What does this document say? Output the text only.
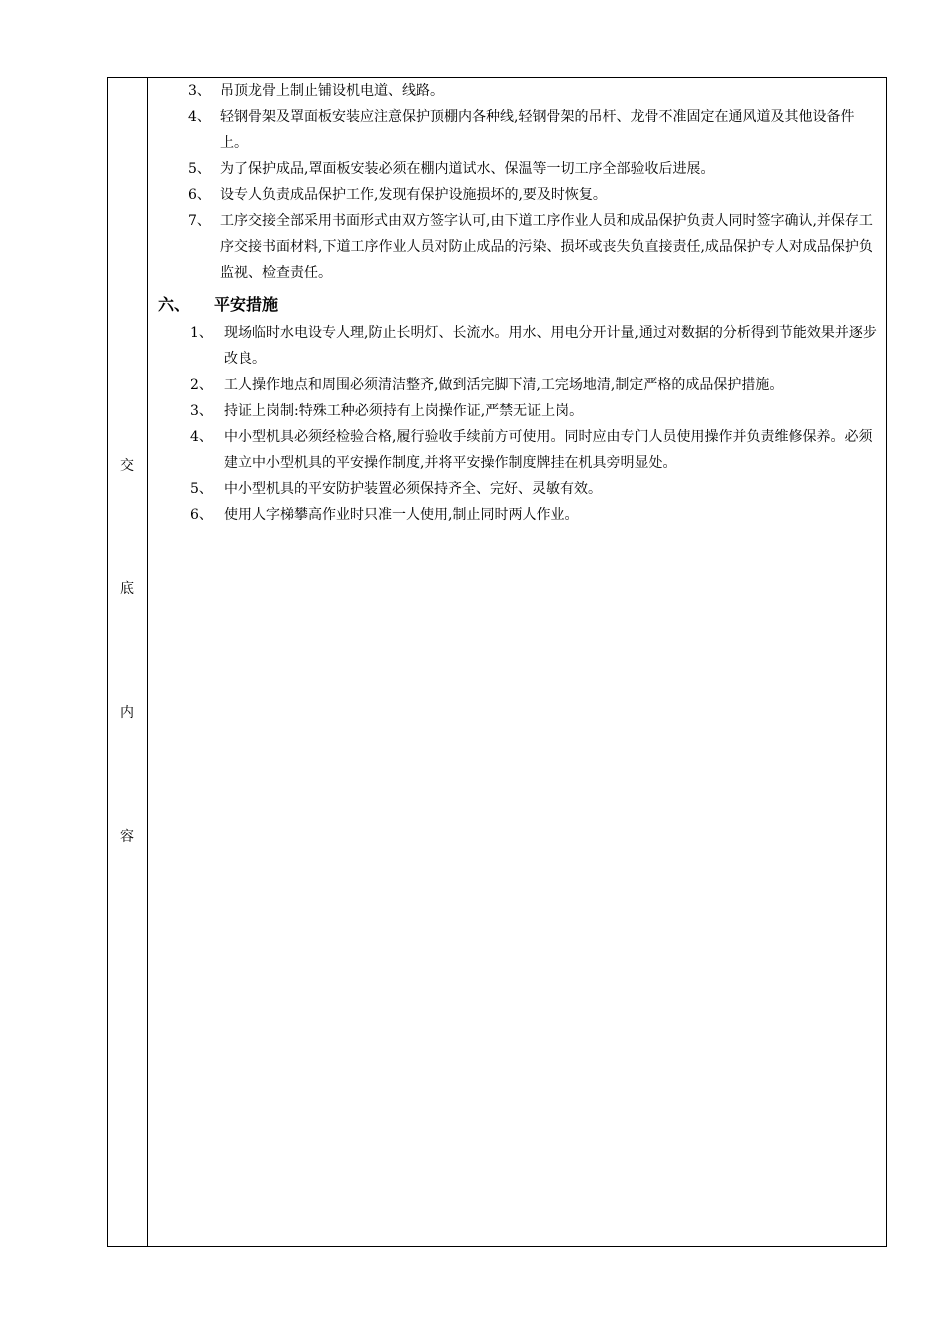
交
底
内
容
3、 吊顶龙骨上制止铺设机电道、线路。
4、 轻钢骨架及罩面板安装应注意保护顶棚内各种线,轻钢骨架的吊杆、龙骨不准固定在通风道及其他设备件上。
5、 为了保护成品,罩面板安装必须在棚内道试水、保温等一切工序全部验收后进展。
6、 设专人负责成品保护工作,发现有保护设施损坏的,要及时恢复。
7、 工序交接全部采用书面形式由双方签字认可,由下道工序作业人员和成品保护负责人同时签字确认,并保存工序交接书面材料,下道工序作业人员对防止成品的污染、损坏或丧失负直接责任,成品保护专人对成品保护负监视、检查责任。
六、 平安措施
1、 现场临时水电设专人理,防止长明灯、长流水。用水、用电分开计量,通过对数据的分析得到节能效果并逐步改良。
2、 工人操作地点和周围必须清洁整齐,做到活完脚下清,工完场地清,制定严格的成品保护措施。
3、 持证上岗制:特殊工种必须持有上岗操作证,严禁无证上岗。
4、 中小型机具必须经检验合格,履行验收手续前方可使用。同时应由专门人员使用操作并负责维修保养。必须建立中小型机具的平安操作制度,并将平安操作制度牌挂在机具旁明显处。
5、 中小型机具的平安防护装置必须保持齐全、完好、灵敏有效。
6、 使用人字梯攀高作业时只准一人使用,制止同时两人作业。
